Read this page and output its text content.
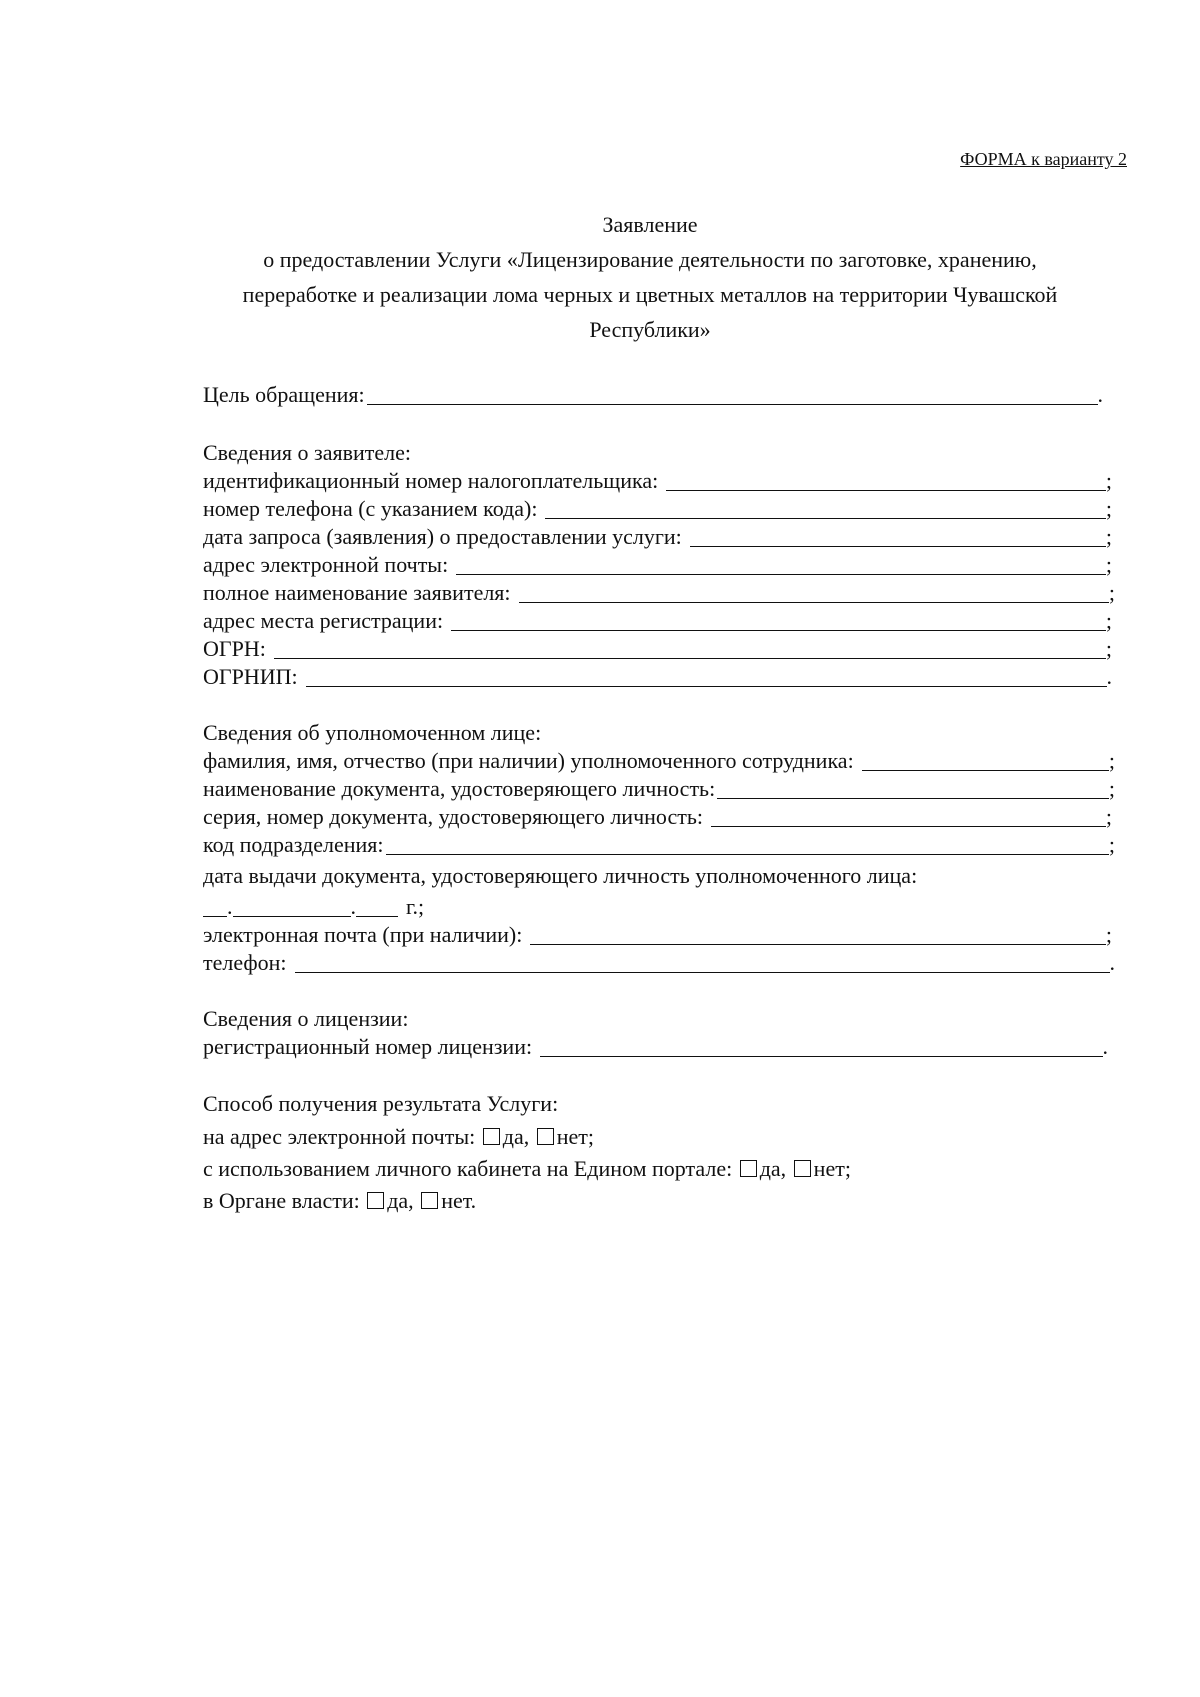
ФОРМА к варианту 2
Заявление
о предоставлении Услуги «Лицензирование деятельности по заготовке, хранению,
переработке и реализации лома черных и цветных металлов на территории Чувашской
Республики»
Цель обращения:	.
Сведения о заявителе:
идентификационный номер налогоплательщика:	;
номер телефона (с указанием кода):	;
дата запроса (заявления) о предоставлении услуги:	;
адрес электронной почты:	;
полное наименование заявителя:	;
адрес места регистрации:	;
ОГРН:	;
ОГРНИП:	.
Сведения об уполномоченном лице:
фамилия, имя, отчество (при наличии) уполномоченного сотрудника:	;
наименование документа, удостоверяющего личность:	;
серия, номер документа, удостоверяющего личность:	;
код подразделения:	;
дата выдачи документа, удостоверяющего личность уполномоченного лица:
.	. г.;
электронная почта (при наличии):	;
телефон:	.
Сведения о лицензии:
регистрационный номер лицензии:	.
Способ получения результата Услуги:
на адрес электронной почты: да, нет;
с использованием личного кабинета на Едином портале: да, нет;
в Органе власти: да, нет.
